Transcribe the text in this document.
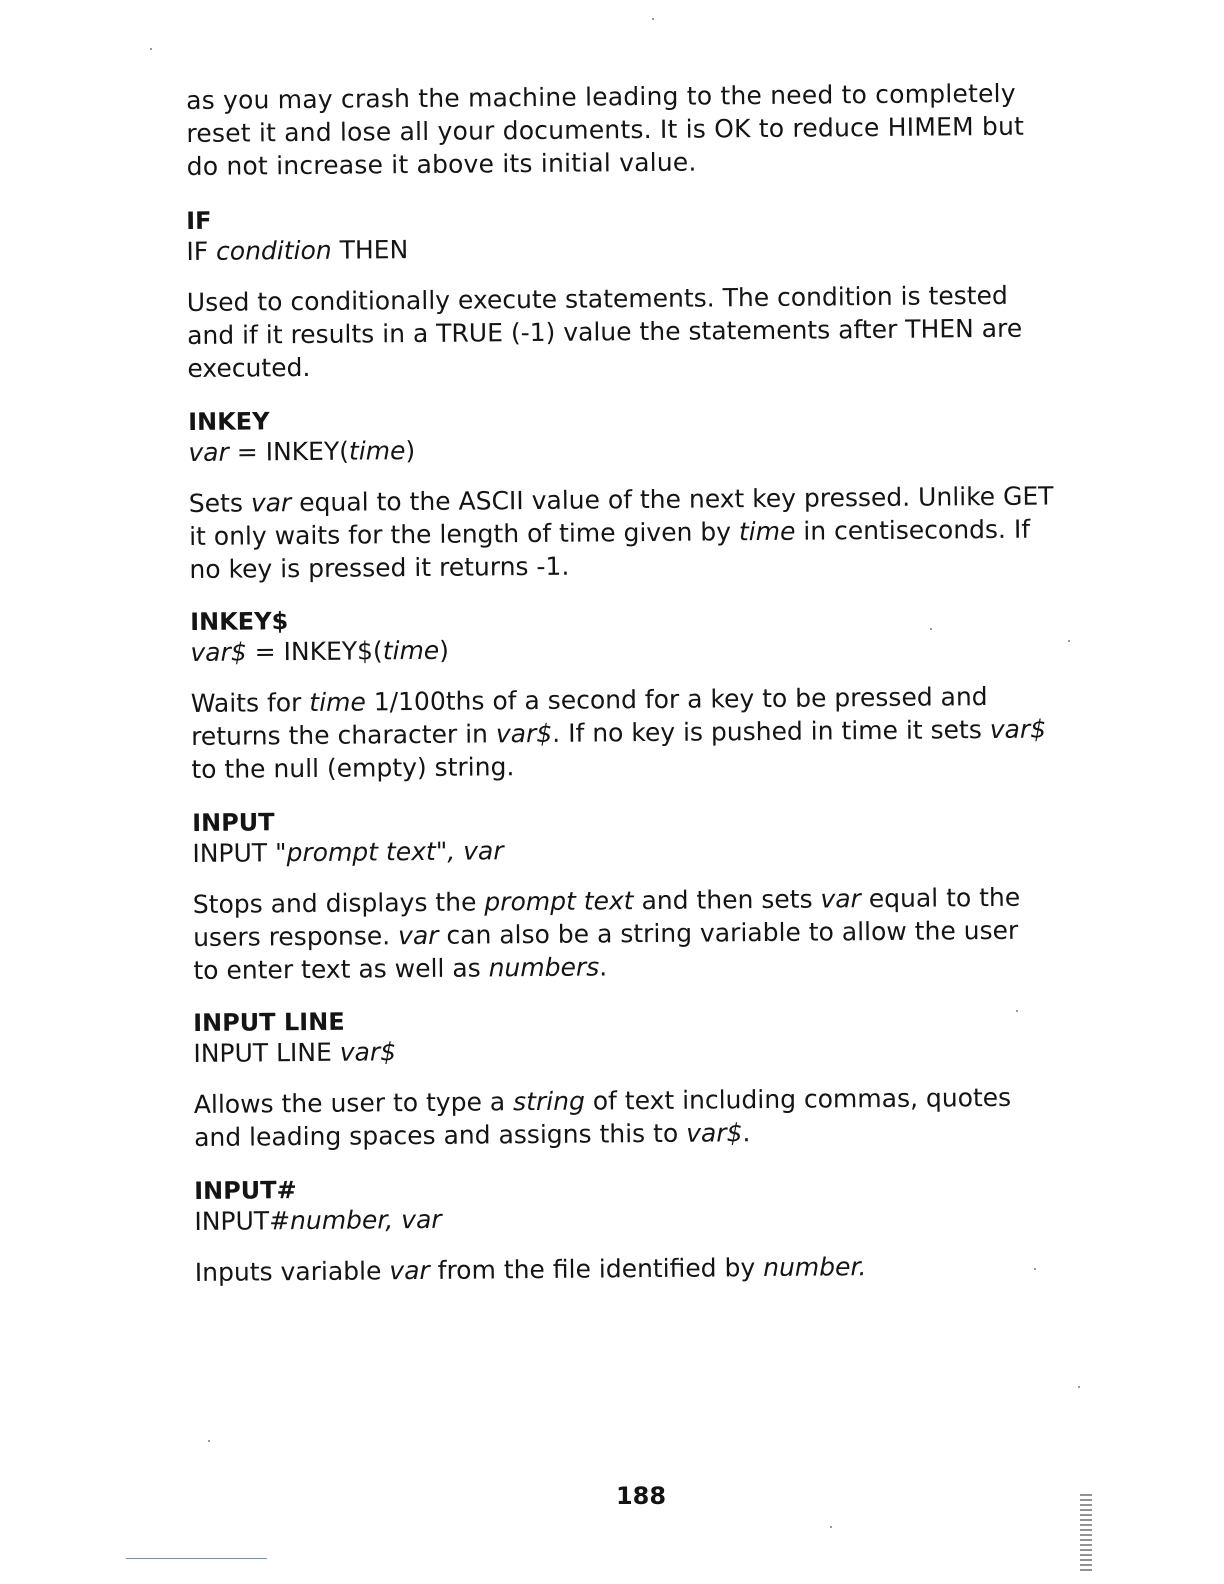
as you may crash the machine leading to the need to completely
reset it and lose all your documents. It is OK to reduce HIMEM but
do not increase it above its initial value.
IF
IF condition THEN
Used to conditionally execute statements. The condition is tested
and if it results in a TRUE (-1) value the statements after THEN are
executed.
INKEY
var = INKEY(time)
Sets var equal to the ASCII value of the next key pressed. Unlike GET
it only waits for the length of time given by time in centiseconds. If
no key is pressed it returns -1.
INKEY$
var$ = INKEY$(time)
Waits for time 1/100ths of a second for a key to be pressed and
returns the character in var$. If no key is pushed in time it sets var$
to the null (empty) string.
INPUT
INPUT "prompt text", var
Stops and displays the prompt text and then sets var equal to the
users response. var can also be a string variable to allow the user
to enter text as well as numbers.
INPUT LINE
INPUT LINE var$
Allows the user to type a string of text including commas, quotes
and leading spaces and assigns this to var$.
INPUT#
INPUT#number, var
Inputs variable var from the file identified by number.
188
